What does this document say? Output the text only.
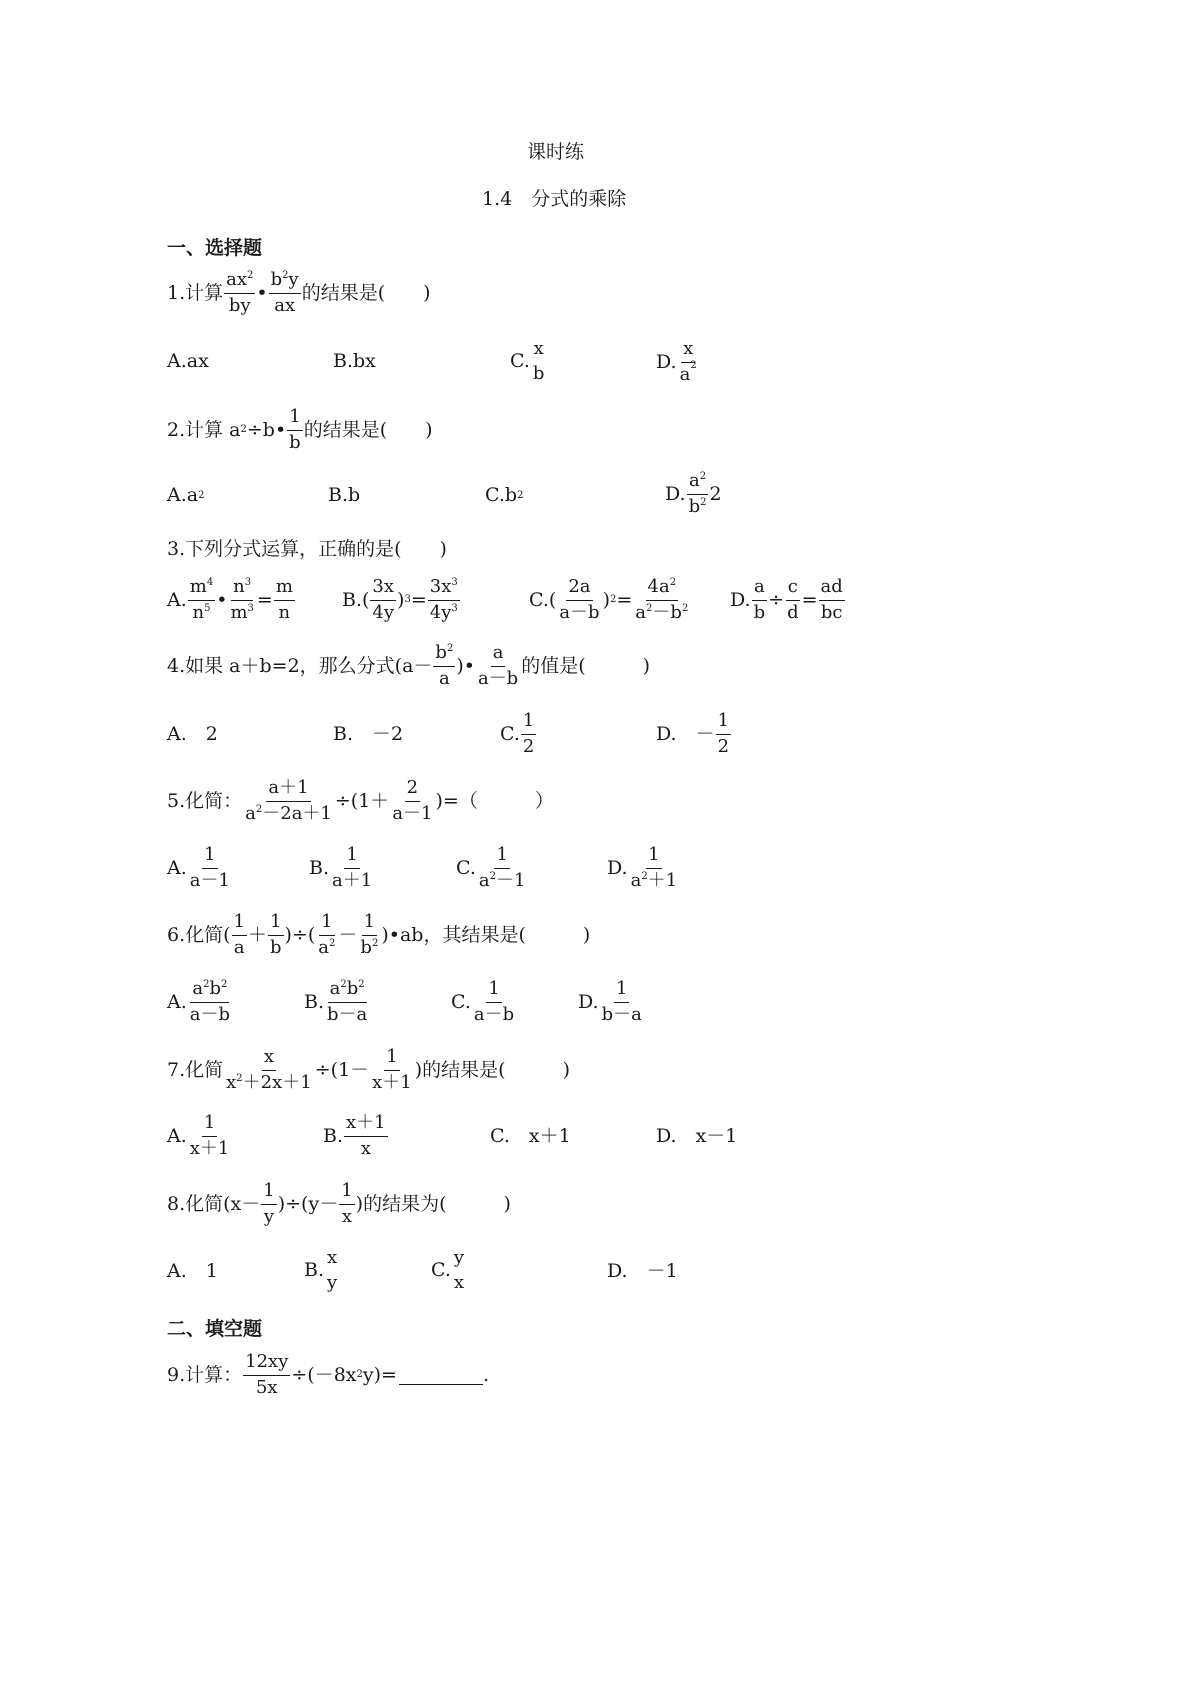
课时练
1.4　分式的乘除
一、选择题
1.计算
$ax^2$
by
•
$b^2y$
ax
的结果是(　　)
A.ax	B.bx	C.
x
b
D.
x
$a^2$
2.计算 a 2 ÷b•
1
b
的结果是(　　)
A.a 2	B.b	C.b 2	D.
$a^2$
$b^2$ 2
3.下列分式运算，正确的是(　　)
A.
$m^4$
$n^5$ •
$n^3$
$m^3$ =
m
n
B.(
3x
4y
) 3 =
$3x^3$
$4y^3$	C.(
2a
a－b
) 2 =
$4a^2$
$a^2-b^2$ D. $\frac{a}{b} \div \frac{c}{d} = \frac{ad}{bc}$
4.如果 a＋b=2，那么分式(a－
$b^2$
a
)•
a
a－b
的值是(　　　)
A.　2	B.　－2	C.
1
2
D.　－
1
2
5.化简： $\frac{a+1}{a^2-2a+1} \div(1+$
2
a－1
)=（　　　）
A.
1
a－1
B.
1
a＋1
C.
1
$a^2-1$
D.
1
$a^2+1$
6.化简(
1
a
＋
1
b
)÷(
1
$a^2$ －
1
$b^2$ )•ab，其结果是(　　　)
A.
$a^2b^2$
a－b
B.
$a^2b^2$
b－a
C.
1
a－b
D.
1
b－a
7.化简 $\frac{x}{x^2+2x+1} \div(1-$
1
x＋1
)的结果是(　　　)
A.
1
x＋1
B.
x＋1
x
C.　x＋1	D.　x－1
8.化简(x－
1
y
)÷(y－
1
x
)的结果为(　　　)
A.　1	B.
x
y
C.
y
x
D.　－1
二、填空题
9.计算： $\frac{12xy}{5x} \div(-8x$ 2 y)=	.
